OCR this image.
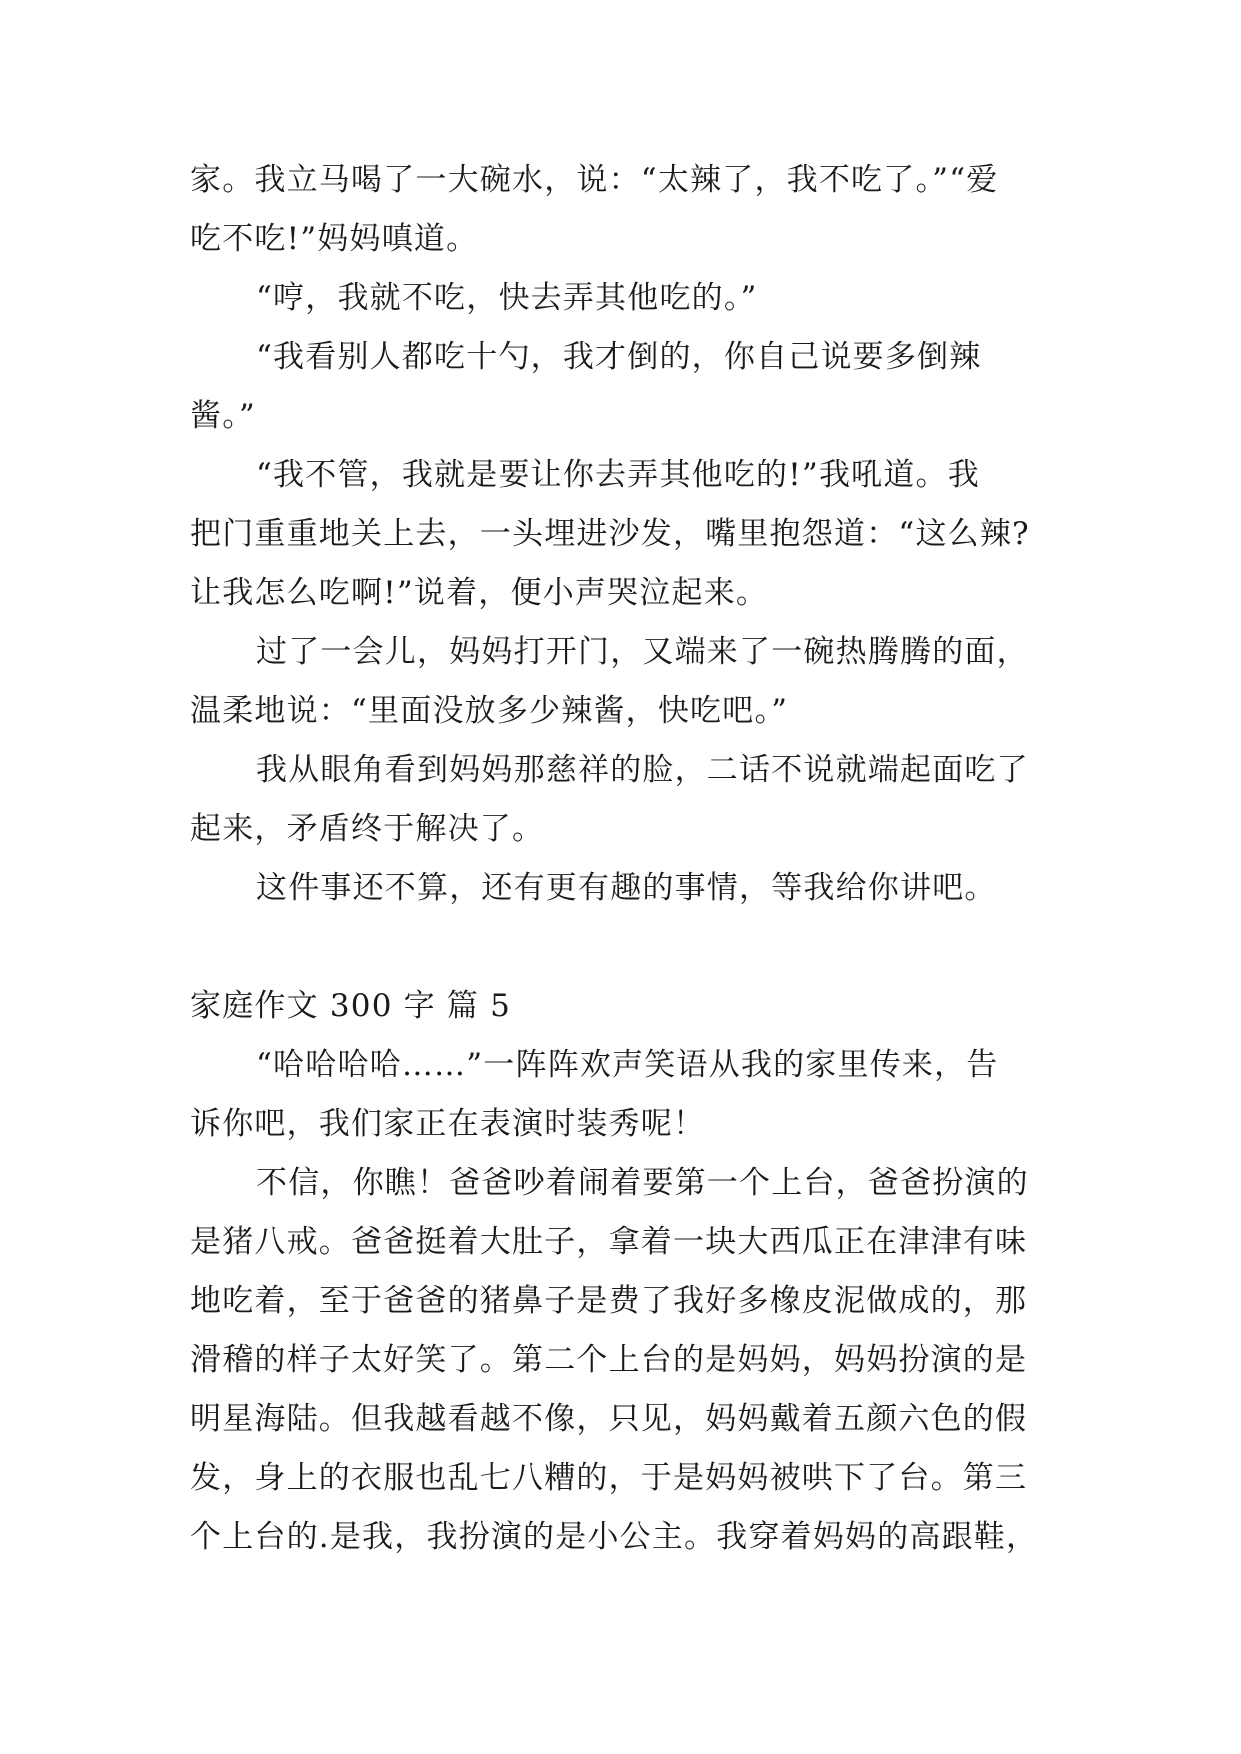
家。我立马喝了一大碗水，说：“太辣了，我不吃了。”“爱
吃不吃!”妈妈嗔道。
“哼，我就不吃，快去弄其他吃的。”
“我看别人都吃十勺，我才倒的，你自己说要多倒辣
酱。”
“我不管，我就是要让你去弄其他吃的!”我吼道。我
把门重重地关上去，一头埋进沙发，嘴里抱怨道：“这么辣?
让我怎么吃啊!”说着，便小声哭泣起来。
过了一会儿，妈妈打开门，又端来了一碗热腾腾的面，
温柔地说：“里面没放多少辣酱，快吃吧。”
我从眼角看到妈妈那慈祥的脸，二话不说就端起面吃了
起来，矛盾终于解决了。
这件事还不算，还有更有趣的事情，等我给你讲吧。
家庭作文 300 字 篇 5
“哈哈哈哈……”一阵阵欢声笑语从我的家里传来，告
诉你吧，我们家正在表演时装秀呢！
不信，你瞧！爸爸吵着闹着要第一个上台，爸爸扮演的
是猪八戒。爸爸挺着大肚子，拿着一块大西瓜正在津津有味
地吃着，至于爸爸的猪鼻子是费了我好多橡皮泥做成的，那
滑稽的样子太好笑了。第二个上台的是妈妈，妈妈扮演的是
明星海陆。但我越看越不像，只见，妈妈戴着五颜六色的假
发，身上的衣服也乱七八糟的，于是妈妈被哄下了台。第三
个上台的.是我，我扮演的是小公主。我穿着妈妈的高跟鞋，
